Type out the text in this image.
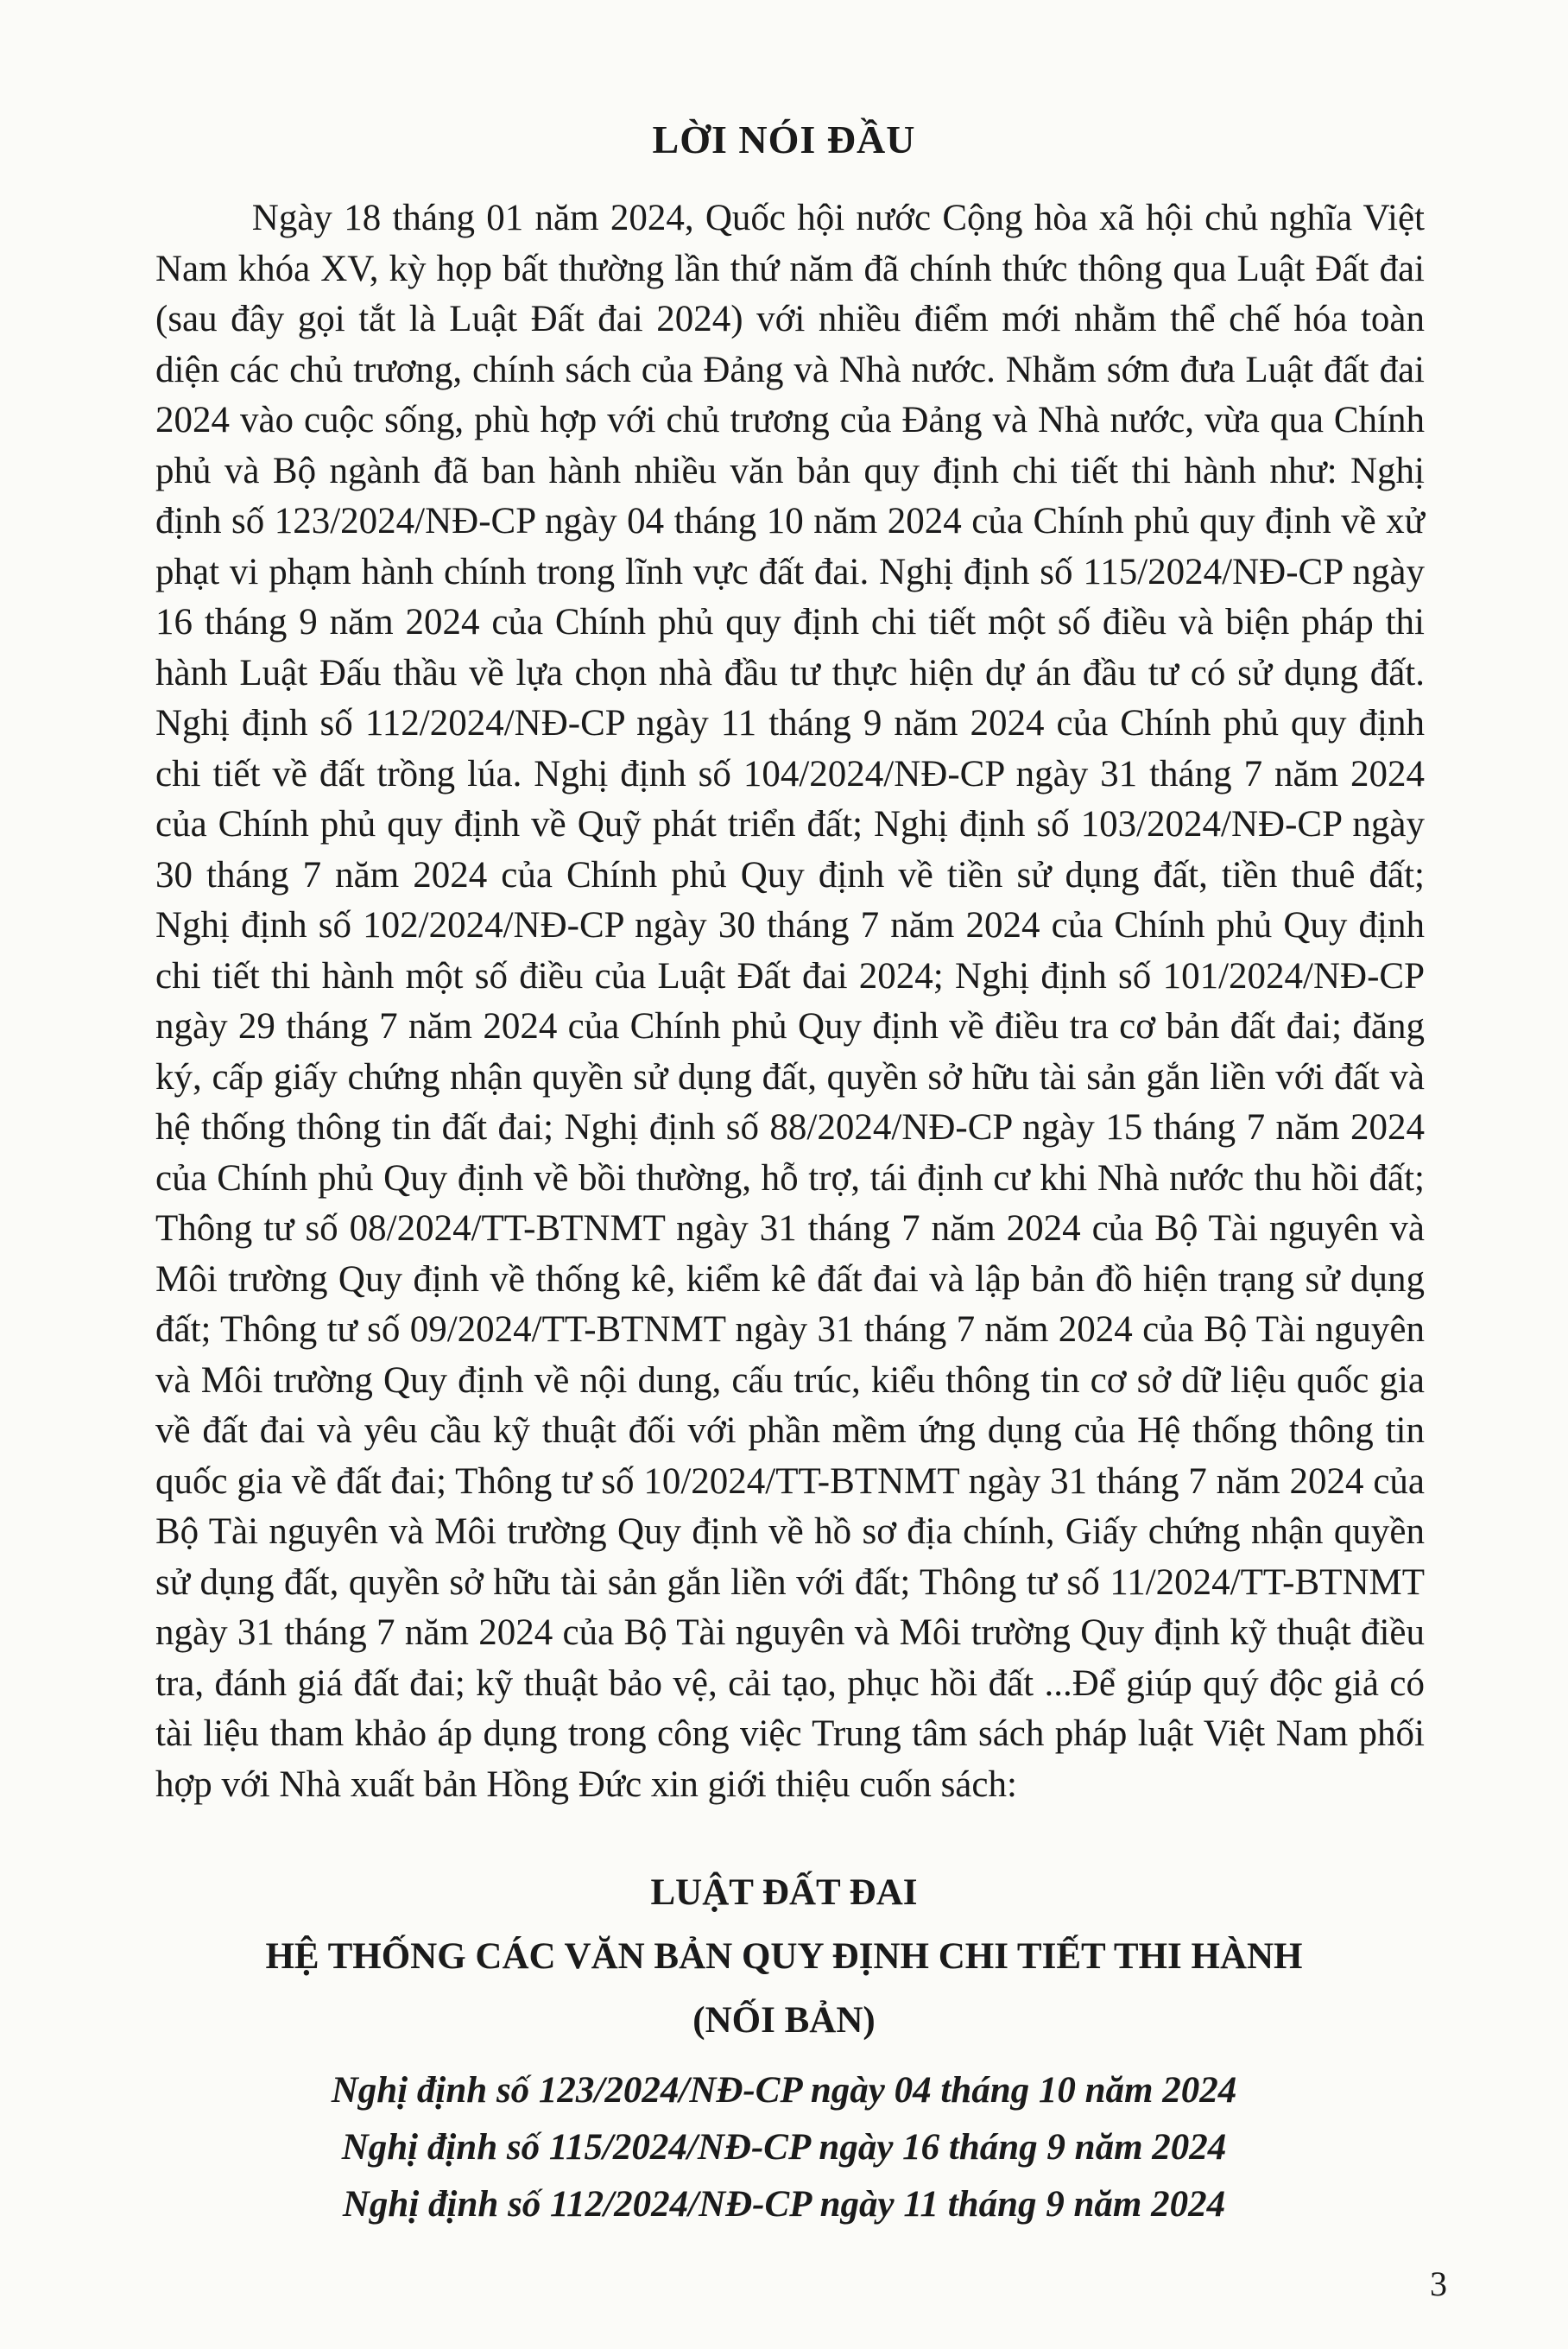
LỜI NÓI ĐẦU

Ngày 18 tháng 01 năm 2024, Quốc hội nước Cộng hòa xã hội chủ nghĩa Việt Nam khóa XV, kỳ họp bất thường lần thứ năm đã chính thức thông qua Luật Đất đai (sau đây gọi tắt là Luật Đất đai 2024) với nhiều điểm mới nhằm thể chế hóa toàn diện các chủ trương, chính sách của Đảng và Nhà nước. Nhằm sớm đưa Luật đất đai 2024 vào cuộc sống, phù hợp với chủ trương của Đảng và Nhà nước, vừa qua Chính phủ và Bộ ngành đã ban hành nhiều văn bản quy định chi tiết thi hành như: Nghị định số 123/2024/NĐ-CP ngày 04 tháng 10 năm 2024 của Chính phủ quy định về xử phạt vi phạm hành chính trong lĩnh vực đất đai. Nghị định số 115/2024/NĐ-CP ngày 16 tháng 9 năm 2024 của Chính phủ quy định chi tiết một số điều và biện pháp thi hành Luật Đấu thầu về lựa chọn nhà đầu tư thực hiện dự án đầu tư có sử dụng đất. Nghị định số 112/2024/NĐ-CP ngày 11 tháng 9 năm 2024 của Chính phủ quy định chi tiết về đất trồng lúa. Nghị định số 104/2024/NĐ-CP ngày 31 tháng 7 năm 2024 của Chính phủ quy định về Quỹ phát triển đất; Nghị định số 103/2024/NĐ-CP ngày 30 tháng 7 năm 2024 của Chính phủ Quy định về tiền sử dụng đất, tiền thuê đất; Nghị định số 102/2024/NĐ-CP ngày 30 tháng 7 năm 2024 của Chính phủ Quy định chi tiết thi hành một số điều của Luật Đất đai 2024; Nghị định số 101/2024/NĐ-CP ngày 29 tháng 7 năm 2024 của Chính phủ Quy định về điều tra cơ bản đất đai; đăng ký, cấp giấy chứng nhận quyền sử dụng đất, quyền sở hữu tài sản gắn liền với đất và hệ thống thông tin đất đai; Nghị định số 88/2024/NĐ-CP ngày 15 tháng 7 năm 2024 của Chính phủ Quy định về bồi thường, hỗ trợ, tái định cư khi Nhà nước thu hồi đất; Thông tư số 08/2024/TT-BTNMT ngày 31 tháng 7 năm 2024 của Bộ Tài nguyên và Môi trường Quy định về thống kê, kiểm kê đất đai và lập bản đồ hiện trạng sử dụng đất; Thông tư số 09/2024/TT-BTNMT ngày 31 tháng 7 năm 2024 của Bộ Tài nguyên và Môi trường Quy định về nội dung, cấu trúc, kiểu thông tin cơ sở dữ liệu quốc gia về đất đai và yêu cầu kỹ thuật đối với phần mềm ứng dụng của Hệ thống thông tin quốc gia về đất đai; Thông tư số 10/2024/TT-BTNMT ngày 31 tháng 7 năm 2024 của Bộ Tài nguyên và Môi trường Quy định về hồ sơ địa chính, Giấy chứng nhận quyền sử dụng đất, quyền sở hữu tài sản gắn liền với đất; Thông tư số 11/2024/TT-BTNMT ngày 31 tháng 7 năm 2024 của Bộ Tài nguyên và Môi trường Quy định kỹ thuật điều tra, đánh giá đất đai; kỹ thuật bảo vệ, cải tạo, phục hồi đất ...Để giúp quý độc giả có tài liệu tham khảo áp dụng trong công việc Trung tâm sách pháp luật Việt Nam phối hợp với Nhà xuất bản Hồng Đức xin giới thiệu cuốn sách:

LUẬT ĐẤT ĐAI
HỆ THỐNG CÁC VĂN BẢN QUY ĐỊNH CHI TIẾT THI HÀNH
(NỐI BẢN)
Nghị định số 123/2024/NĐ-CP ngày 04 tháng 10 năm 2024
Nghị định số 115/2024/NĐ-CP ngày 16 tháng 9 năm 2024
Nghị định số 112/2024/NĐ-CP ngày 11 tháng 9 năm 2024
3
